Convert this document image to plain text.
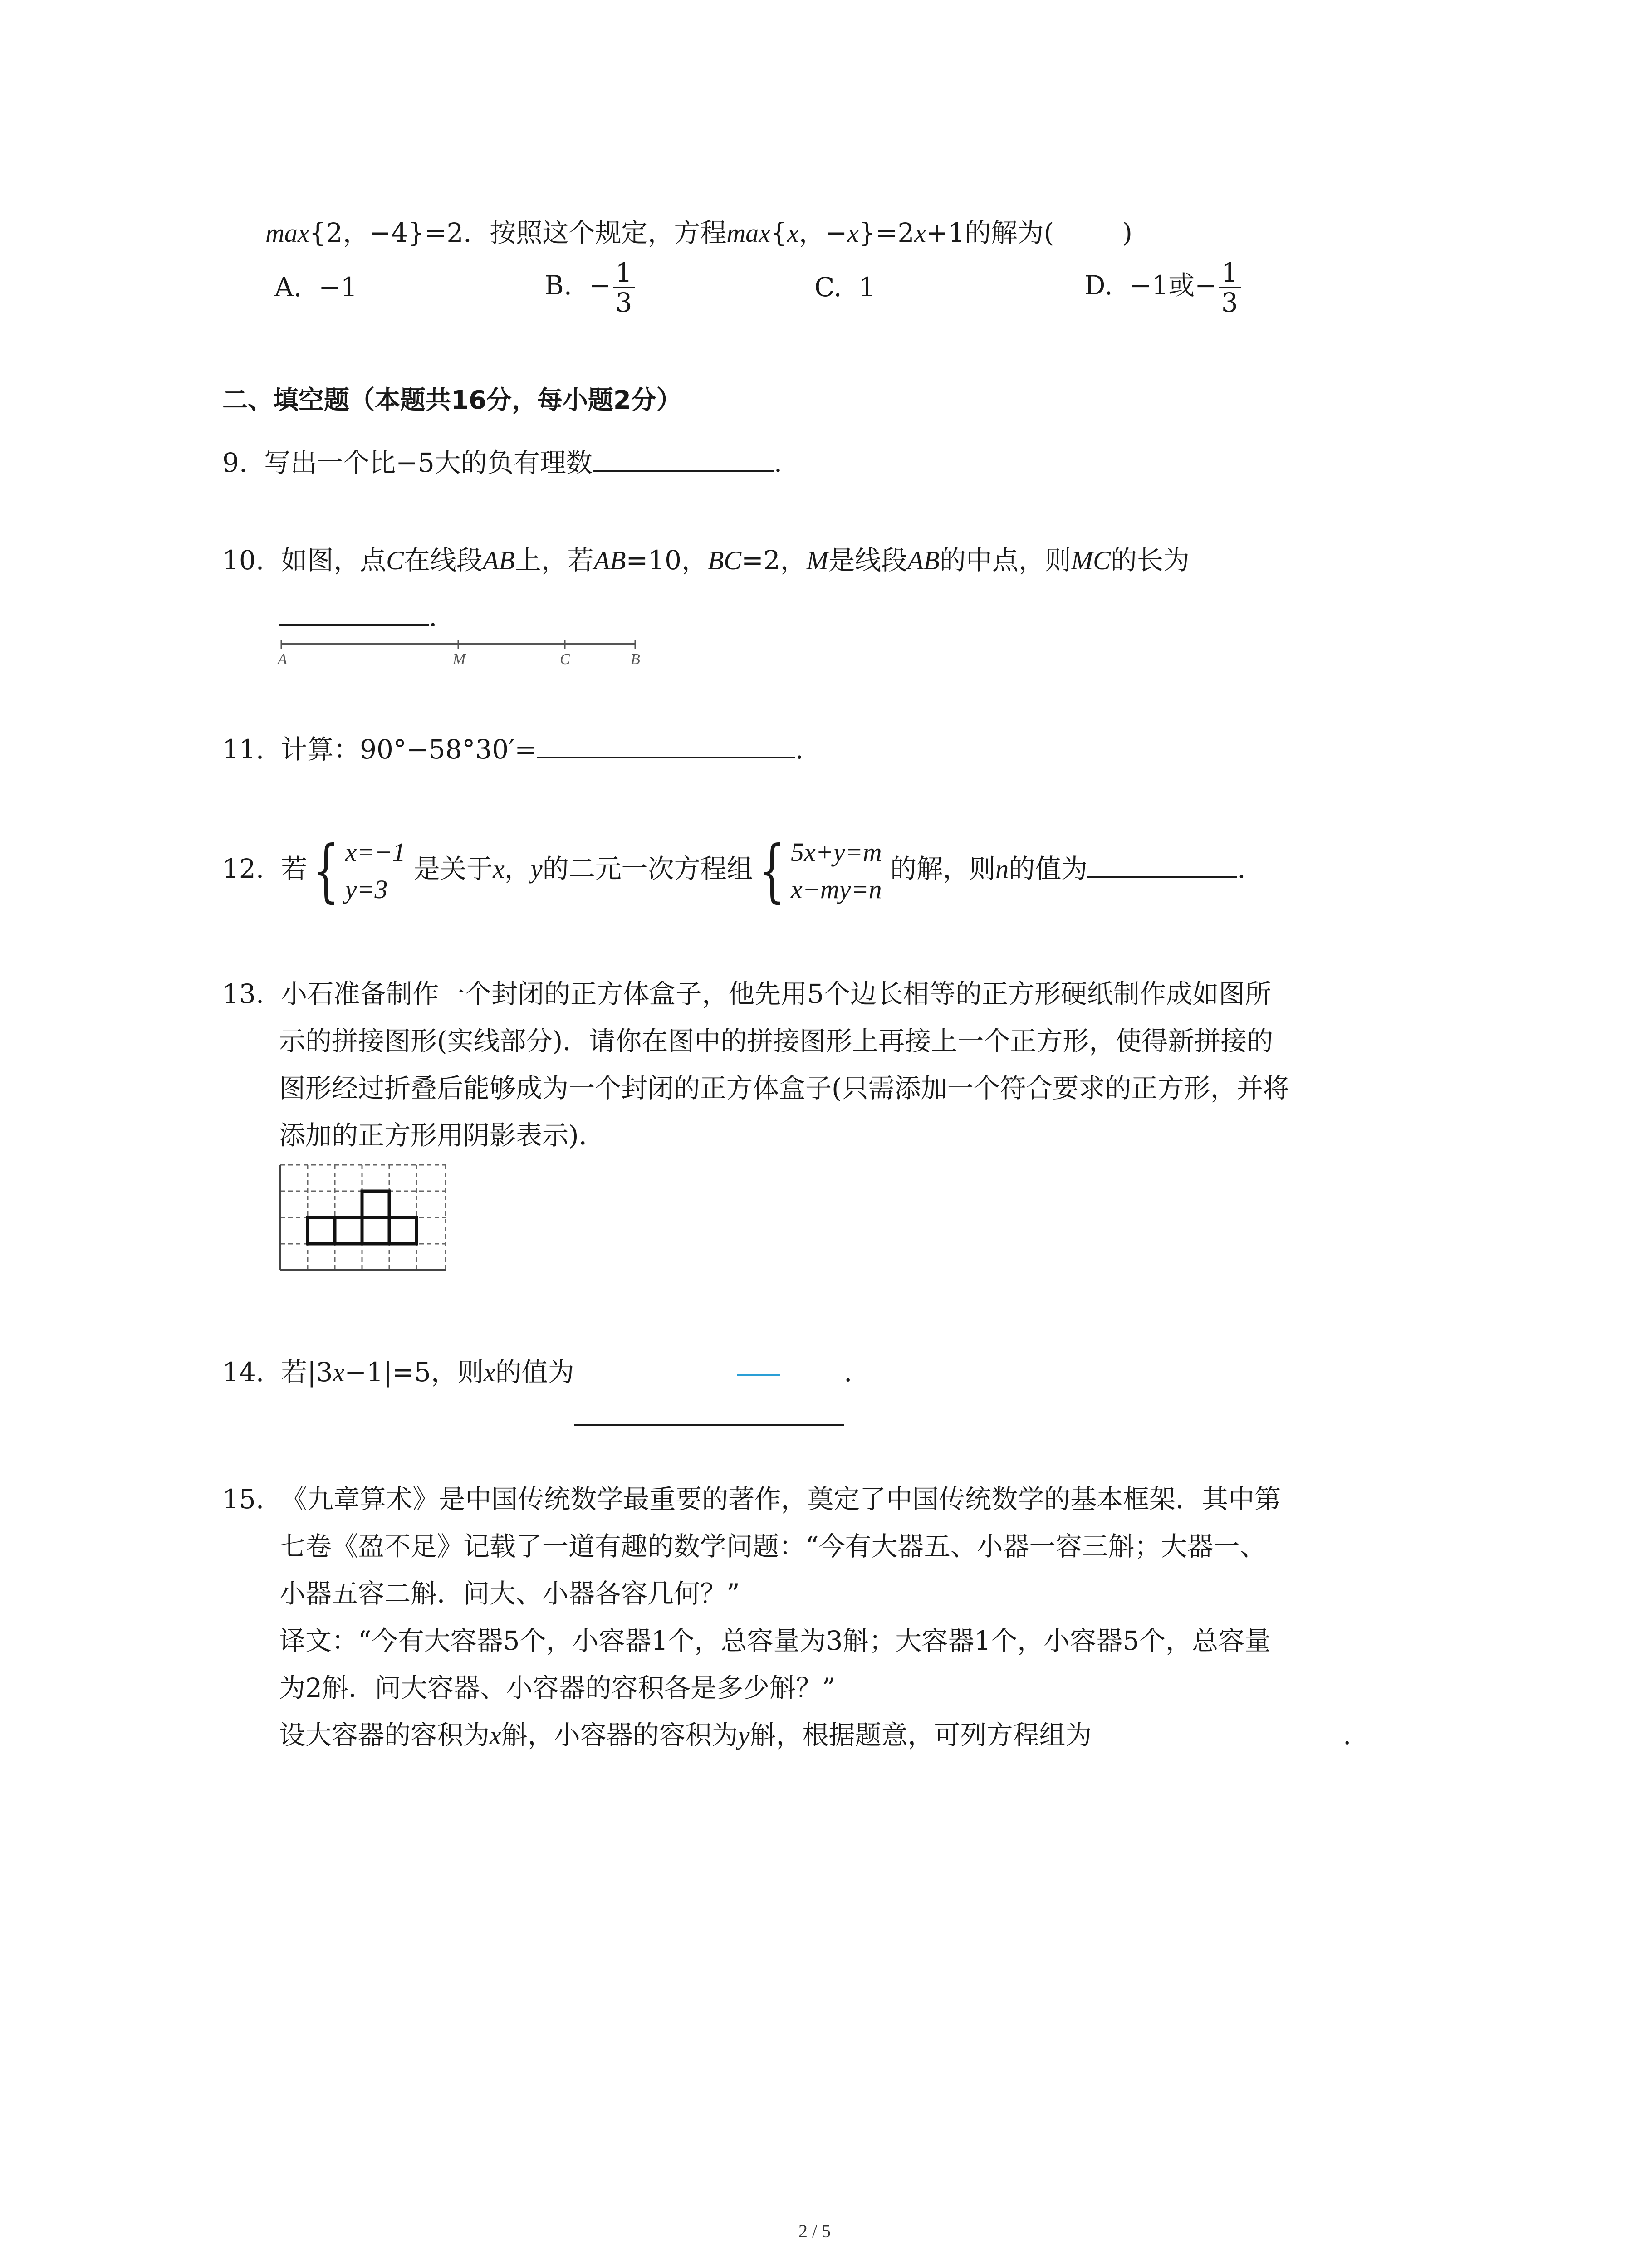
max{2，−4}=2．按照这个规定，方程max{x，−x}=2x+1的解为(	)
A. −1	B. − $\frac{1}{3}$	C. 1	D. −1或− $\frac{1}{3}$
二、填空题（本题共16分，每小题2分）
9. 写出一个比−5大的负有理数	.
10. 如图，点C在线段AB上，若AB=10，BC=2，M是线段AB的中点，则MC的长为
.
A	M	C	B
11. 计算：90°−58°30′=	.
12. 若{ x=−1
y=3
是关于x，y的二元一次方程组{ 5x+y=m
x−my=n
的解，则n的值为	.
13. 小石准备制作一个封闭的正方体盒子，他先用5个边长相等的正方形硬纸制作成如图所
示的拼接图形(实线部分)．请你在图中的拼接图形上再接上一个正方形，使得新拼接的
图形经过折叠后能够成为一个封闭的正方体盒子(只需添加一个符合要求的正方形，并将
添加的正方形用阴影表示)．
14. 若|3x−1|=5，则x的值为	.
15. 《九章算术》是中国传统数学最重要的著作，奠定了中国传统数学的基本框架．其中第
七卷《盈不足》记载了一道有趣的数学问题：“今有大器五、小器一容三斛；大器一、
小器五容二斛．问大、小器各容几何？”
译文：“今有大容器5个，小容器1个，总容量为3斛；大容器1个，小容器5个，总容量
为2斛．问大容器、小容器的容积各是多少斛？”
设大容器的容积为x斛，小容器的容积为y斛，根据题意，可列方程组为	.
2 / 5
